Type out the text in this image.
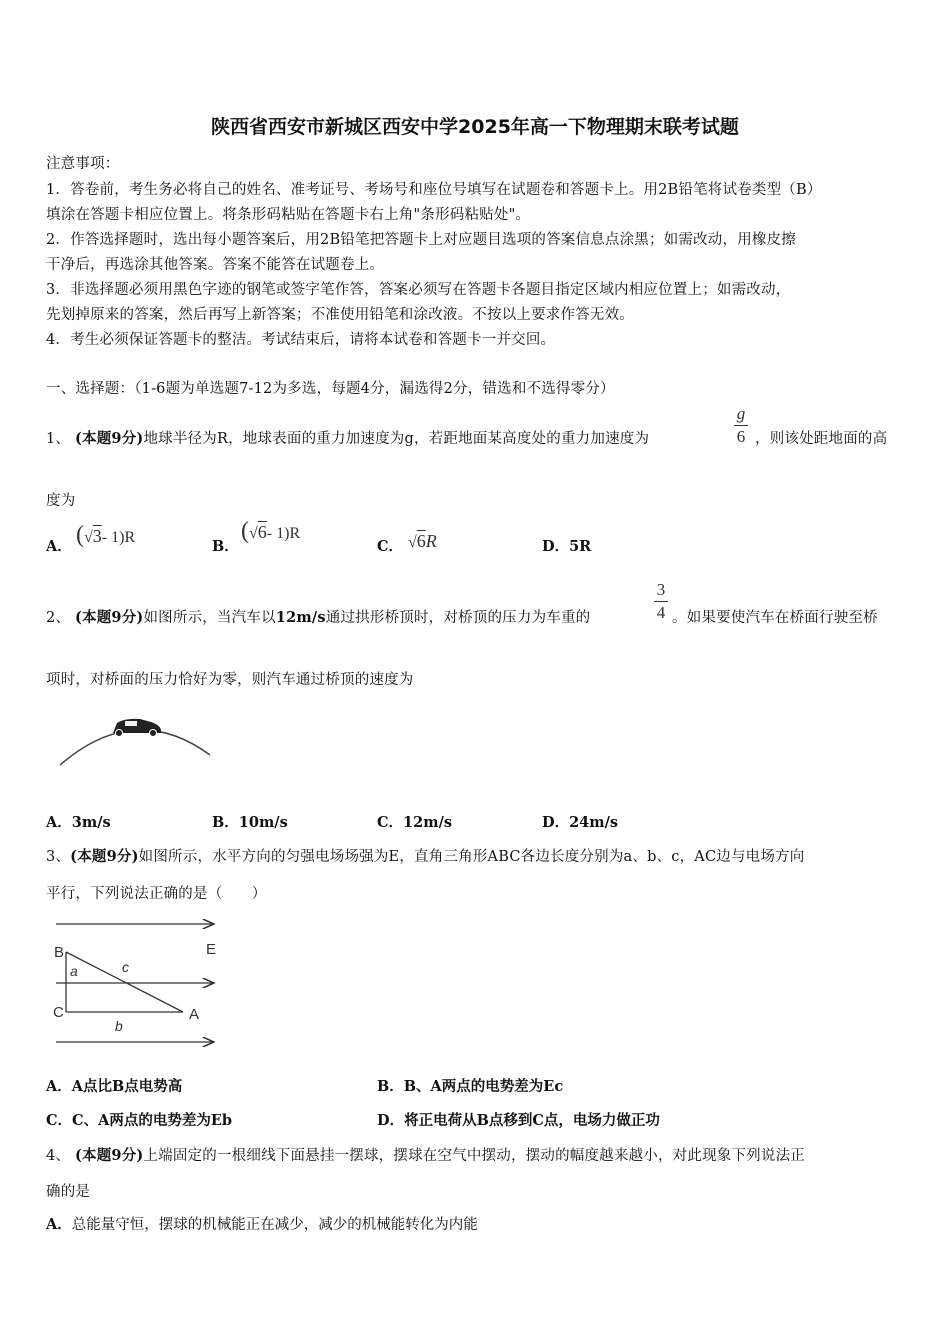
陕西省西安市新城区西安中学2025年高一下物理期末联考试题
注意事项：
1．答卷前，考生务必将自己的姓名、准考证号、考场号和座位号填写在试题卷和答题卡上。用2B铅笔将试卷类型（B）
填涂在答题卡相应位置上。将条形码粘贴在答题卡右上角"条形码粘贴处"。
2．作答选择题时，选出每小题答案后，用2B铅笔把答题卡上对应题目选项的答案信息点涂黑；如需改动，用橡皮擦
干净后，再选涂其他答案。答案不能答在试题卷上。
3．非选择题必须用黑色字迹的钢笔或签字笔作答，答案必须写在答题卡各题目指定区域内相应位置上；如需改动，
先划掉原来的答案，然后再写上新答案；不准使用铅笔和涂改液。不按以上要求作答无效。
4．考生必须保证答题卡的整洁。考试结束后，请将本试卷和答题卡一并交回。
一、选择题：（1-6题为单选题7-12为多选，每题4分，漏选得2分，错选和不选得零分）
1、 (本题9分)地球半径为R，地球表面的重力加速度为g，若距地面某高度处的重力加速度为
g
6 ，则该处距地面的高
度为
A． (√3- 1)R
B．
(√6- 1)R
C． √6R	D．5R
2、 (本题9分)如图所示，当汽车以12m/s通过拱形桥顶时，对桥顶的压力为车重的
3
4 。如果要使汽车在桥面行驶至桥
项时，对桥面的压力恰好为零，则汽车通过桥顶的速度为
A．3m/s	B．10m/s	C．12m/s	D．24m/s
3、(本题9分)如图所示，水平方向的匀强电场场强为E，直角三角形ABC各边长度分别为a、b、c，AC边与电场方向
平行，下列说法正确的是（　　）
B
C	A
E
a	c
b
A．A点比B点电势高	B．B、A两点的电势差为Ec
C．C、A两点的电势差为Eb	D．将正电荷从B点移到C点，电场力做正功
4、 (本题9分)上端固定的一根细线下面悬挂一摆球，摆球在空气中摆动，摆动的幅度越来越小，对此现象下列说法正
确的是
A．总能量守恒，摆球的机械能正在减少，减少的机械能转化为内能
